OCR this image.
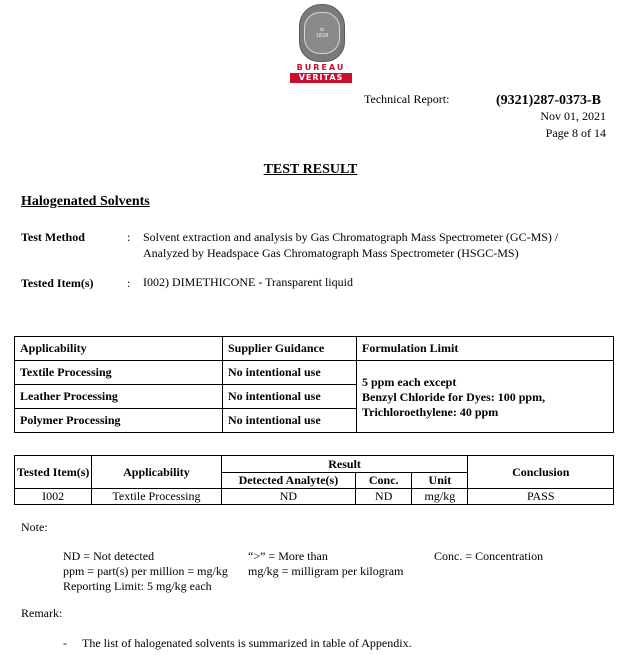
⚖
1828
BUREAU
VERITAS
Technical Report:	(9321)287-0373-B
Nov 01, 2021
Page 8 of 14
TEST RESULT
Halogenated Solvents
Test Method	: Solvent extraction and analysis by Gas Chromatograph Mass Spectrometer (GC-MS) /
Analyzed by Headspace Gas Chromatograph Mass Spectrometer (HSGC-MS)
Tested Item(s)	: I002) DIMETHICONE - Transparent liquid
Applicability	Supplier Guidance	Formulation Limit
Textile Processing	No intentional use	5 ppm each except
Benzyl Chloride for Dyes: 100 ppm,
Trichloroethylene: 40 ppm

Leather Processing	No intentional use	
Polymer Processing	No intentional use	
Tested Item(s)	Applicability	Result			Conclusion
		Detected Analyte(s)	Conc.	Unit	
I002	Textile Processing	ND	ND	mg/kg	PASS
Note:
ND = Not detected
ppm = part(s) per million = mg/kg
Reporting Limit: 5 mg/kg each
“>” = More than
mg/kg = milligram per kilogram
Conc. = Concentration
Remark:
- The list of halogenated solvents is summarized in table of Appendix.
